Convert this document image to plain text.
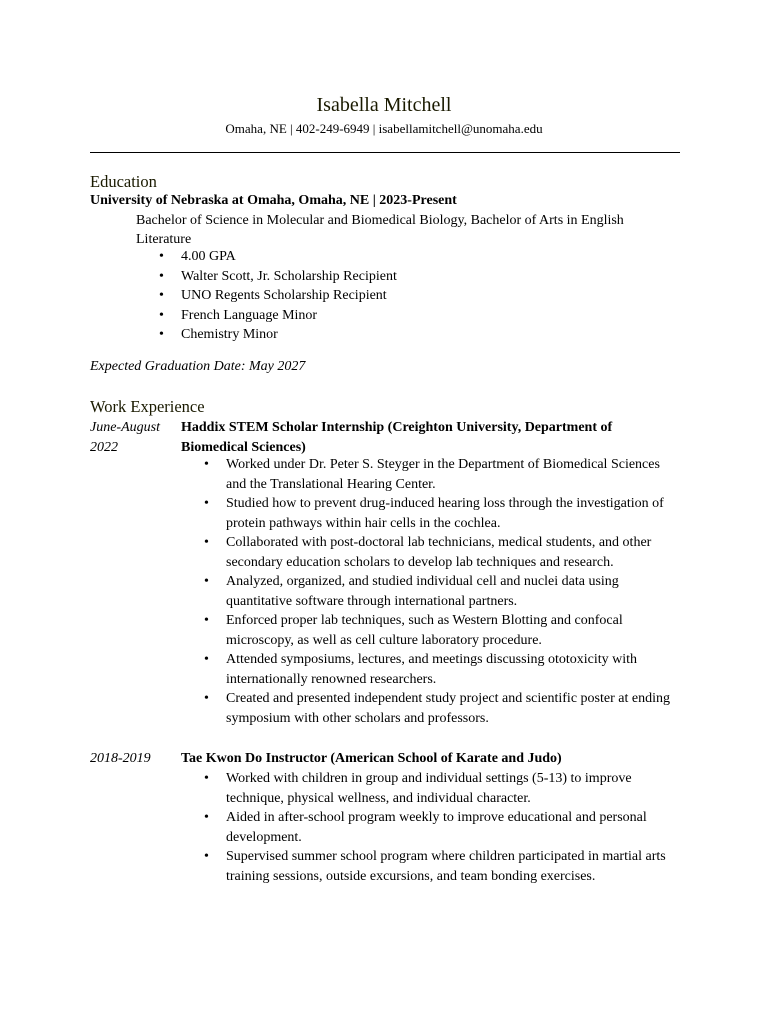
Isabella Mitchell
Omaha, NE | 402-249-6949 | isabellamitchell@unomaha.edu
Education
University of Nebraska at Omaha, Omaha, NE | 2023-Present
Bachelor of Science in Molecular and Biomedical Biology, Bachelor of Arts in English Literature
• 4.00 GPA
• Walter Scott, Jr. Scholarship Recipient
• UNO Regents Scholarship Recipient
• French Language Minor
• Chemistry Minor
Expected Graduation Date: May 2027
Work Experience
June-August 2022
Haddix STEM Scholar Internship (Creighton University, Department of Biomedical Sciences)
• Worked under Dr. Peter S. Steyger in the Department of Biomedical Sciences and the Translational Hearing Center.
• Studied how to prevent drug-induced hearing loss through the investigation of protein pathways within hair cells in the cochlea.
• Collaborated with post-doctoral lab technicians, medical students, and other secondary education scholars to develop lab techniques and research.
• Analyzed, organized, and studied individual cell and nuclei data using quantitative software through international partners.
• Enforced proper lab techniques, such as Western Blotting and confocal microscopy, as well as cell culture laboratory procedure.
• Attended symposiums, lectures, and meetings discussing ototoxicity with internationally renowned researchers.
• Created and presented independent study project and scientific poster at ending symposium with other scholars and professors.
2018-2019	Tae Kwon Do Instructor (American School of Karate and Judo)
• Worked with children in group and individual settings (5-13) to improve technique, physical wellness, and individual character.
• Aided in after-school program weekly to improve educational and personal development.
• Supervised summer school program where children participated in martial arts training sessions, outside excursions, and team bonding exercises.
